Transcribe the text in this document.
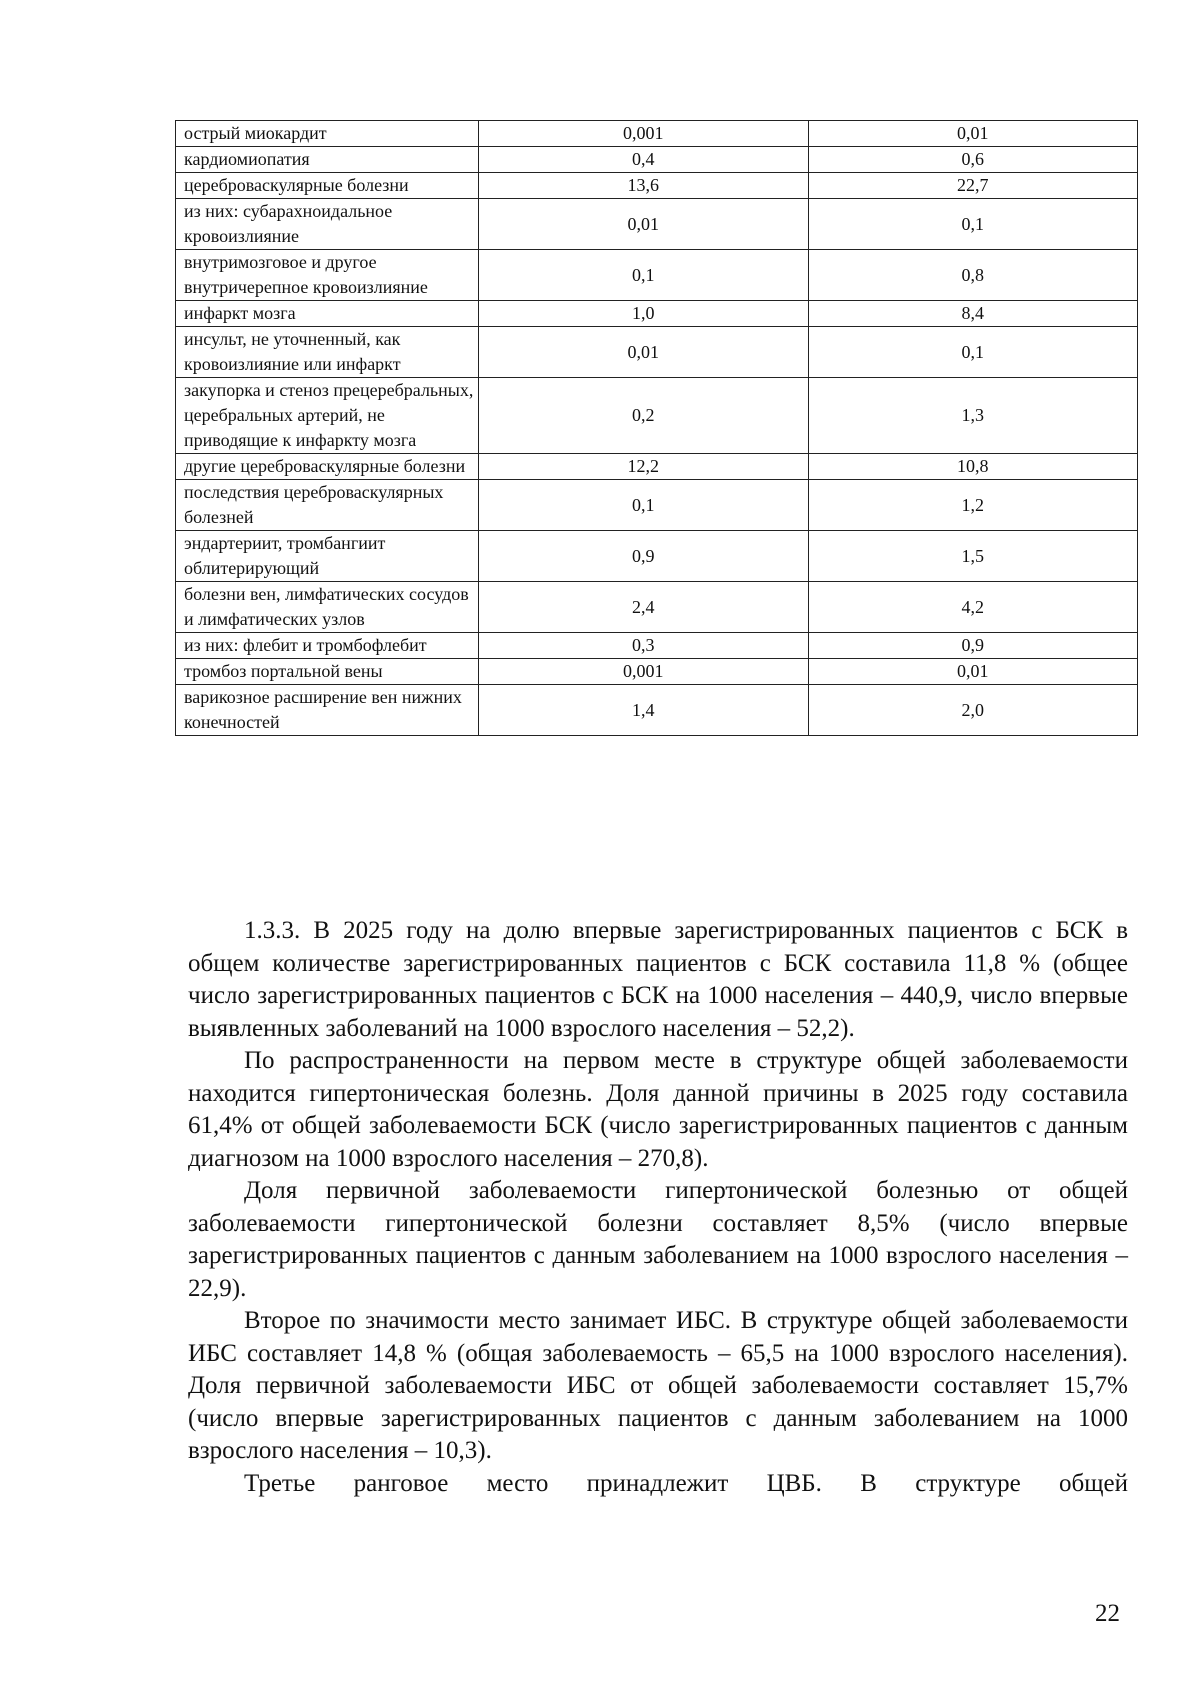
острый миокардит	0,001	0,01
кардиомиопатия	0,4	0,6
цереброваскулярные болезни	13,6	22,7
из них: субарахноидальное кровоизлияние	0,01	0,1
внутримозговое и другое внутричерепное кровоизлияние	0,1	0,8
инфаркт мозга	1,0	8,4
инсульт, не уточненный, как кровоизлияние или инфаркт	0,01	0,1
закупорка и стеноз прецеребральных, церебральных артерий, не приводящие к инфаркту мозга	0,2	1,3
другие цереброваскулярные болезни	12,2	10,8
последствия цереброваскулярных болезней	0,1	1,2
эндартериит, тромбангиит облитерирующий	0,9	1,5
болезни вен, лимфатических сосудов и лимфатических узлов	2,4	4,2
из них: флебит и тромбофлебит	0,3	0,9
тромбоз портальной вены	0,001	0,01
варикозное расширение вен нижних конечностей	1,4	2,0

1.3.3. В 2025 году на долю впервые зарегистрированных пациентов с БСК в общем количестве зарегистрированных пациентов с БСК составила 11,8 % (общее число зарегистрированных пациентов с БСК на 1000 населения – 440,9, число впервые выявленных заболеваний на 1000 взрослого населения – 52,2).

По распространенности на первом месте в структуре общей заболеваемости находится гипертоническая болезнь. Доля данной причины в 2025 году составила 61,4% от общей заболеваемости БСК (число зарегистрированных пациентов с данным диагнозом на 1000 взрослого населения – 270,8).

Доля первичной заболеваемости гипертонической болезнью от общей заболеваемости гипертонической болезни составляет 8,5% (число впервые зарегистрированных пациентов с данным заболеванием на 1000 взрослого населения – 22,9).

Второе по значимости место занимает ИБС. В структуре общей заболеваемости ИБС составляет 14,8 % (общая заболеваемость – 65,5 на 1000 взрослого населения). Доля первичной заболеваемости ИБС от общей заболеваемости составляет 15,7% (число впервые зарегистрированных пациентов с данным заболеванием на 1000 взрослого населения – 10,3).

Третье ранговое место принадлежит ЦВБ. В структуре общей

22
